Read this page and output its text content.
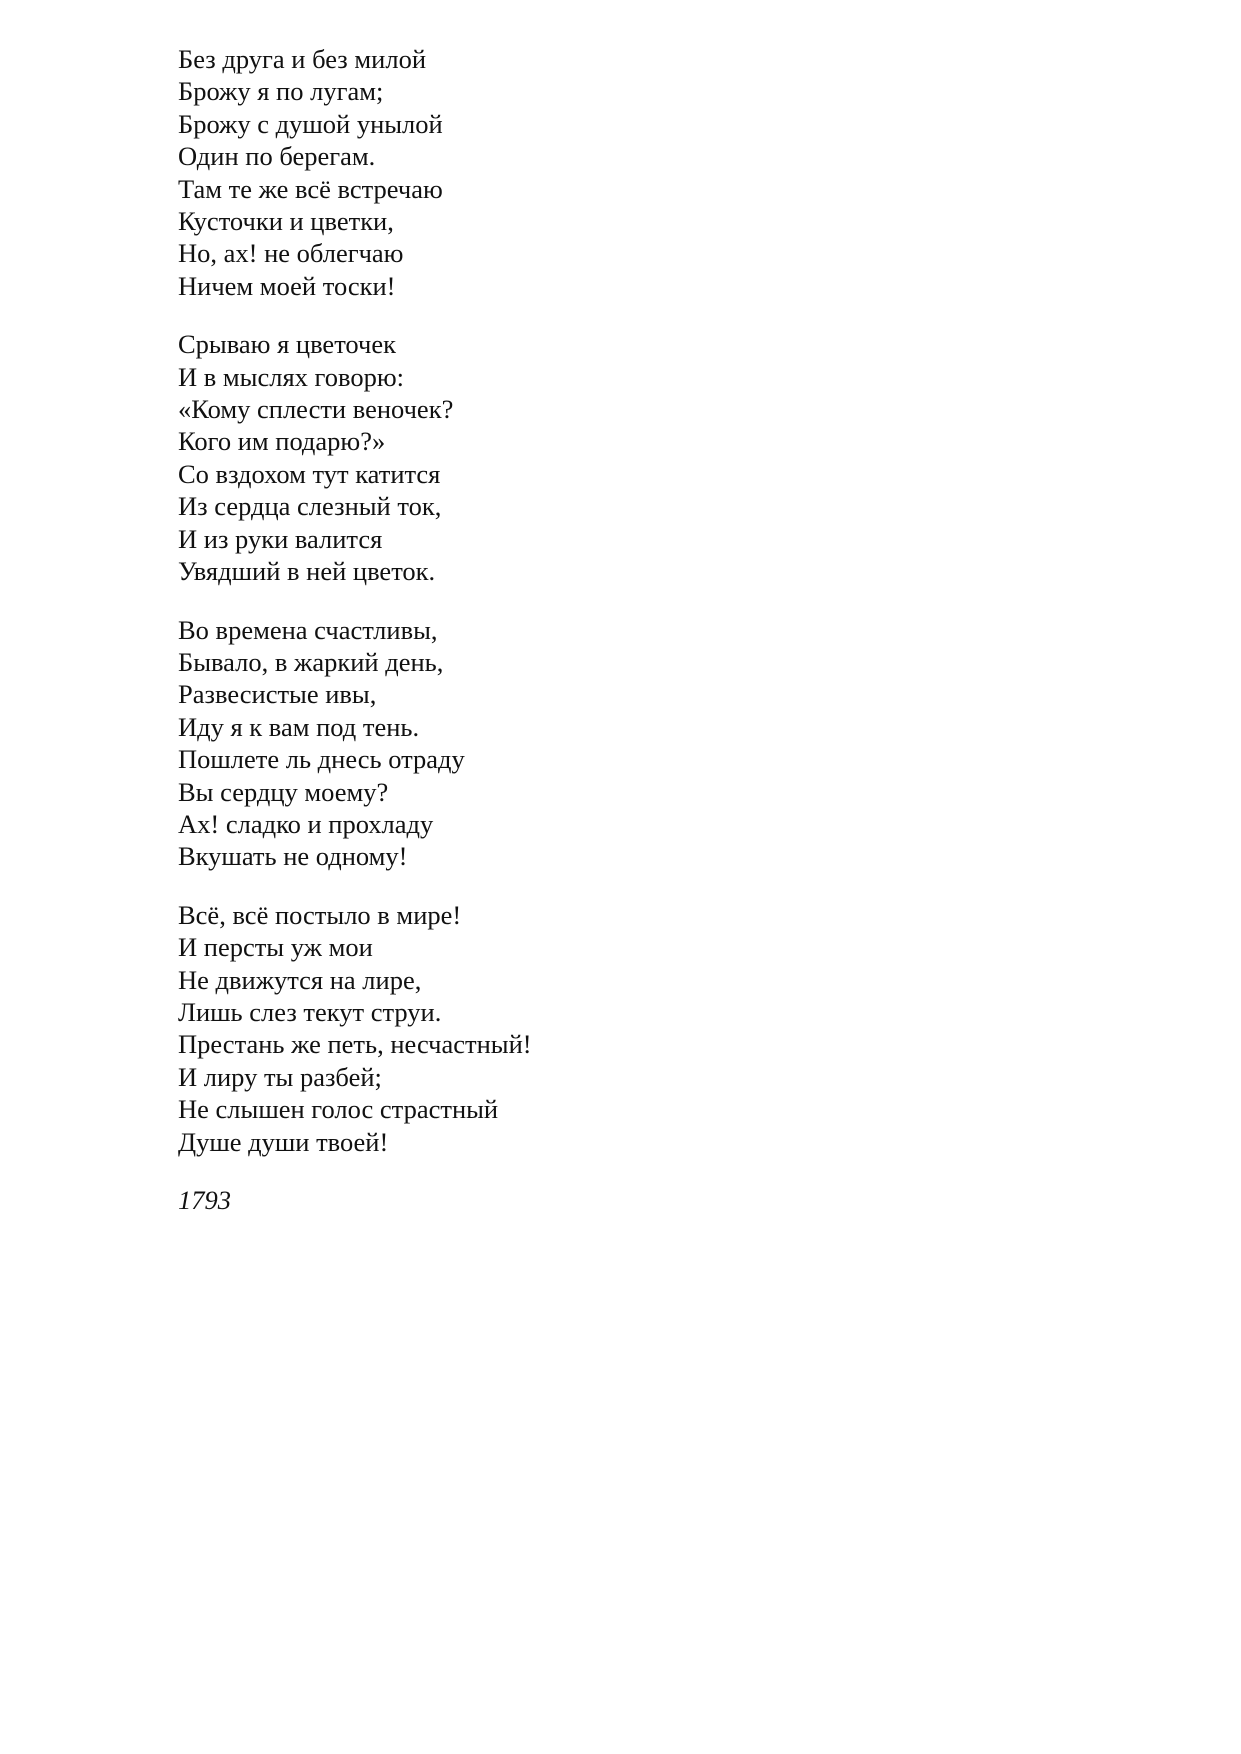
Без друга и без милой
Брожу я по лугам;
Брожу с душой унылой
Один по берегам.
Там те же всё встречаю
Кусточки и цветки,
Но, ах! не облегчаю
Ничем моей тоски!
Срываю я цветочек
И в мыслях говорю:
«Кому сплести веночек?
Кого им подарю?»
Со вздохом тут катится
Из сердца слезный ток,
И из руки валится
Увядший в ней цветок.
Во времена счастливы,
Бывало, в жаркий день,
Развесистые ивы,
Иду я к вам под тень.
Пошлете ль днесь отраду
Вы сердцу моему?
Ах! сладко и прохладу
Вкушать не одному!
Всё, всё постыло в мире!
И персты уж мои
Не движутся на лире,
Лишь слез текут струи.
Престань же петь, несчастный!
И лиру ты разбей;
Не слышен голос страстный
Душе души твоей!
1793
